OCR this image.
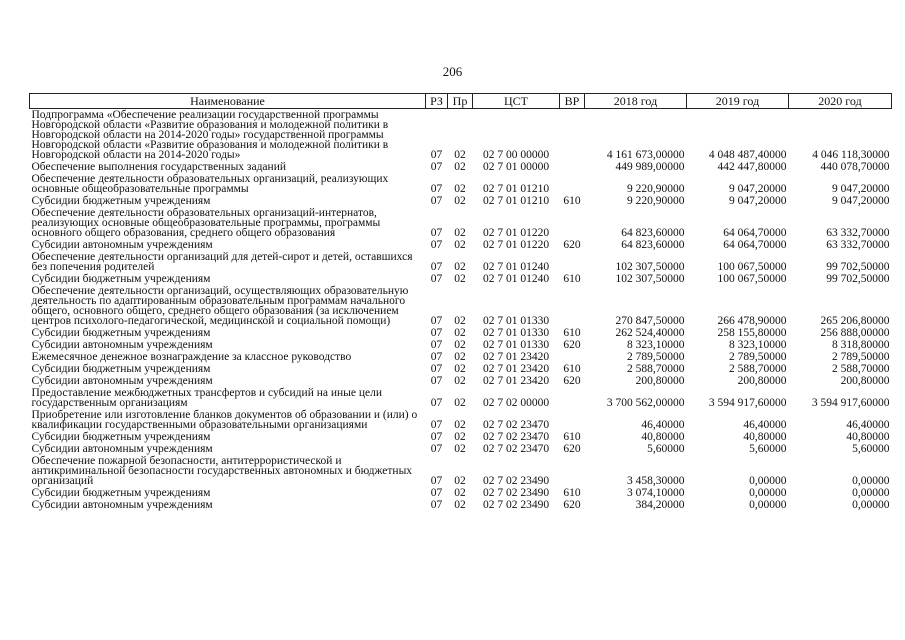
206
Наименование	РЗ	Пр	ЦСТ	ВР	2018 год	2019 год	2020 год
Подпрограмма «Обеспечение реализации государственной программы Новгородской области «Развитие образования и молодежной политики в Новгородской области на 2014-2020 годы» государственной программы Новгородской области «Развитие образования и молодежной политики в Новгородской области на 2014-2020 годы»	07	02	02 7 00 00000		4 161 673,00000	4 048 487,40000	4 046 118,30000
Обеспечение выполнения государственных заданий	07	02	02 7 01 00000		449 989,00000	442 447,80000	440 078,70000
Обеспечение деятельности образовательных организаций, реализующих основные общеобразовательные программы	07	02	02 7 01 01210		9 220,90000	9 047,20000	9 047,20000
Субсидии бюджетным учреждениям	07	02	02 7 01 01210	610	9 220,90000	9 047,20000	9 047,20000
Обеспечение деятельности образовательных организаций-интернатов, реализующих основные общеобразовательные программы, программы основного общего образования, среднего общего образования	07	02	02 7 01 01220		64 823,60000	64 064,70000	63 332,70000
Субсидии автономным учреждениям	07	02	02 7 01 01220	620	64 823,60000	64 064,70000	63 332,70000
Обеспечение деятельности организаций для детей-сирот и детей, оставшихся без попечения родителей	07	02	02 7 01 01240		102 307,50000	100 067,50000	99 702,50000
Субсидии бюджетным учреждениям	07	02	02 7 01 01240	610	102 307,50000	100 067,50000	99 702,50000
Обеспечение деятельности организаций, осуществляющих образовательную деятельность по адаптированным образовательным программам начального общего, основного общего, среднего общего образования (за исключением центров психолого-педагогической, медицинской и социальной помощи)	07	02	02 7 01 01330		270 847,50000	266 478,90000	265 206,80000
Субсидии бюджетным учреждениям	07	02	02 7 01 01330	610	262 524,40000	258 155,80000	256 888,00000
Субсидии автономным учреждениям	07	02	02 7 01 01330	620	8 323,10000	8 323,10000	8 318,80000
Ежемесячное денежное вознаграждение за классное руководство	07	02	02 7 01 23420		2 789,50000	2 789,50000	2 789,50000
Субсидии бюджетным учреждениям	07	02	02 7 01 23420	610	2 588,70000	2 588,70000	2 588,70000
Субсидии автономным учреждениям	07	02	02 7 01 23420	620	200,80000	200,80000	200,80000
Предоставление межбюджетных трансфертов и субсидий на иные цели государственным организациям	07	02	02 7 02 00000		3 700 562,00000	3 594 917,60000	3 594 917,60000
Приобретение или изготовление бланков документов об образовании и (или) о квалификации государственными образовательными организациями	07	02	02 7 02 23470		46,40000	46,40000	46,40000
Субсидии бюджетным учреждениям	07	02	02 7 02 23470	610	40,80000	40,80000	40,80000
Субсидии автономным учреждениям	07	02	02 7 02 23470	620	5,60000	5,60000	5,60000
Обеспечение пожарной безопасности, антитеррористической и антикриминальной безопасности государственных автономных и бюджетных организаций	07	02	02 7 02 23490		3 458,30000	0,00000	0,00000
Субсидии бюджетным учреждениям	07	02	02 7 02 23490	610	3 074,10000	0,00000	0,00000
Субсидии автономным учреждениям	07	02	02 7 02 23490	620	384,20000	0,00000	0,00000
